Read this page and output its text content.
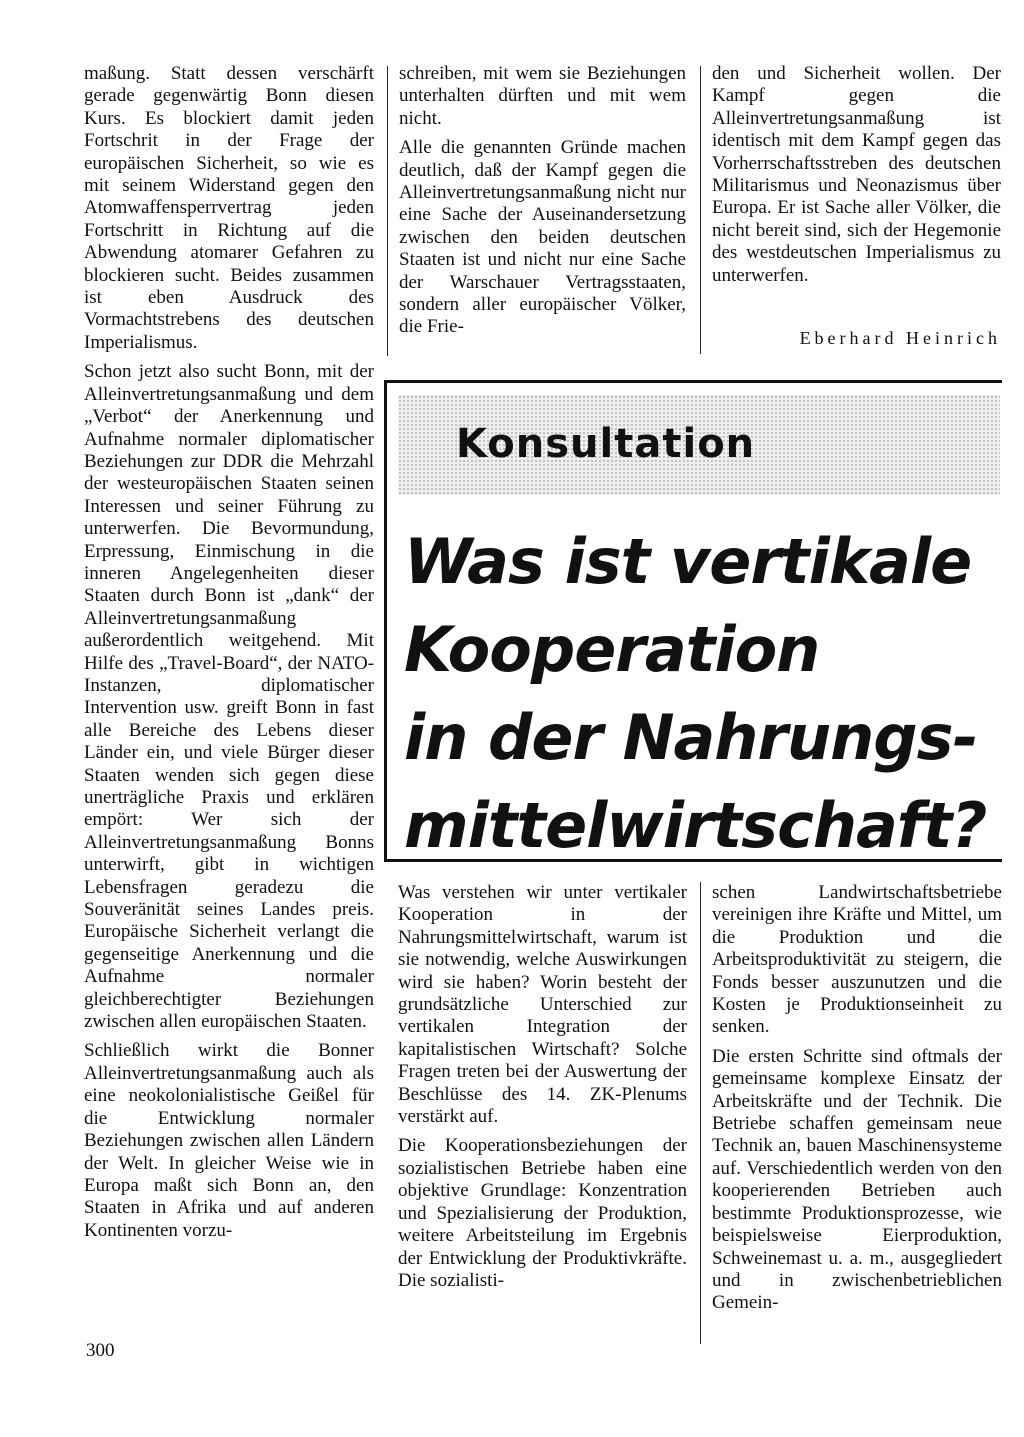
maßung. Statt dessen verschärft gerade gegenwärtig Bonn diesen Kurs. Es blockiert damit jeden Fortschrit in der Frage der europäischen Sicherheit, so wie es mit seinem Widerstand gegen den Atomwaffensperrvertrag jeden Fortschritt in Richtung auf die Abwendung atomarer Gefahren zu blockieren sucht. Beides zusammen ist eben Ausdruck des Vormachtstrebens des deutschen Imperialismus.

Schon jetzt also sucht Bonn, mit der Alleinvertretungsanmaßung und dem „Verbot“ der Anerkennung und Aufnahme normaler diplomatischer Beziehungen zur DDR die Mehrzahl der westeuropäischen Staaten seinen Interessen und seiner Führung zu unterwerfen. Die Bevormundung, Erpressung, Einmischung in die inneren Angelegenheiten dieser Staaten durch Bonn ist „dank“ der Alleinvertretungsanmaßung außerordentlich weitgehend. Mit Hilfe des „Travel-Board“, der NATO-Instanzen, diplomatischer Intervention usw. greift Bonn in fast alle Bereiche des Lebens dieser Länder ein, und viele Bürger dieser Staaten wenden sich gegen diese unerträgliche Praxis und erklären empört: Wer sich der Alleinvertretungsanmaßung Bonns unterwirft, gibt in wichtigen Lebensfragen geradezu die Souveränität seines Landes preis. Europäische Sicherheit verlangt die gegenseitige Anerkennung und die Aufnahme normaler gleichberechtigter Beziehungen zwischen allen europäischen Staaten.

Schließlich wirkt die Bonner Alleinvertretungsanmaßung auch als eine neokolonialistische Geißel für die Entwicklung normaler Beziehungen zwischen allen Ländern der Welt. In gleicher Weise wie in Europa maßt sich Bonn an, den Staaten in Afrika und auf anderen Kontinenten vorzu-

schreiben, mit wem sie Beziehungen unterhalten dürften und mit wem nicht.

Alle die genannten Gründe machen deutlich, daß der Kampf gegen die Alleinvertretungsanmaßung nicht nur eine Sache der Auseinandersetzung zwischen den beiden deutschen Staaten ist und nicht nur eine Sache der Warschauer Vertragsstaaten, sondern aller europäischer Völker, die Frie-

den und Sicherheit wollen. Der Kampf gegen die Alleinvertretungsanmaßung ist identisch mit dem Kampf gegen das Vorherrschaftsstreben des deutschen Militarismus und Neonazismus über Europa. Er ist Sache aller Völker, die nicht bereit sind, sich der Hegemonie des westdeutschen Imperialismus zu unterwerfen.

Eberhard Heinrich
Konsultation
Was ist vertikale
Kooperation
in der Nahrungs-
mittelwirtschaft?

Was verstehen wir unter vertikaler Kooperation in der Nahrungsmittelwirtschaft, warum ist sie notwendig, welche Auswirkungen wird sie haben? Worin besteht der grundsätzliche Unterschied zur vertikalen Integration der kapitalistischen Wirtschaft? Solche Fragen treten bei der Auswertung der Beschlüsse des 14. ZK-Plenums verstärkt auf.

Die Kooperationsbeziehungen der sozialistischen Betriebe haben eine objektive Grundlage: Konzentration und Spezialisierung der Produktion, weitere Arbeitsteilung im Ergebnis der Entwicklung der Produktivkräfte. Die sozialisti-

schen Landwirtschaftsbetriebe vereinigen ihre Kräfte und Mittel, um die Produktion und die Arbeitsproduktivität zu steigern, die Fonds besser auszunutzen und die Kosten je Produktionseinheit zu senken.

Die ersten Schritte sind oftmals der gemeinsame komplexe Einsatz der Arbeitskräfte und der Technik. Die Betriebe schaffen gemeinsam neue Technik an, bauen Maschinensysteme auf. Verschiedentlich werden von den kooperierenden Betrieben auch bestimmte Produktionsprozesse, wie beispielsweise Eierproduktion, Schweinemast u. a. m., ausgegliedert und in zwischenbetrieblichen Gemein-

300
